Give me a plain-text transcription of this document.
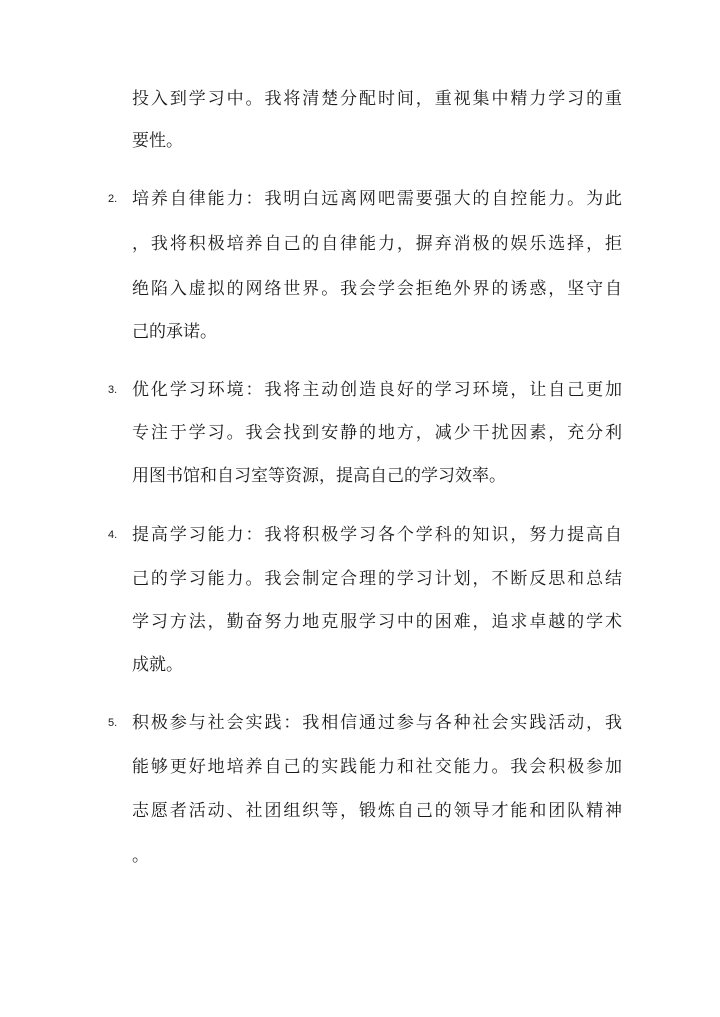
投入到学习中。我将清楚分配时间，重视集中精力学习的重
要性。
2. 培养自律能力：我明白远离网吧需要强大的自控能力。为此
，我将积极培养自己的自律能力，摒弃消极的娱乐选择，拒
绝陷入虚拟的网络世界。我会学会拒绝外界的诱惑，坚守自
己的承诺。
3. 优化学习环境：我将主动创造良好的学习环境，让自己更加
专注于学习。我会找到安静的地方，减少干扰因素，充分利
用图书馆和自习室等资源，提高自己的学习效率。
4. 提高学习能力：我将积极学习各个学科的知识，努力提高自
己的学习能力。我会制定合理的学习计划，不断反思和总结
学习方法，勤奋努力地克服学习中的困难，追求卓越的学术
成就。
5. 积极参与社会实践：我相信通过参与各种社会实践活动，我
能够更好地培养自己的实践能力和社交能力。我会积极参加
志愿者活动、社团组织等，锻炼自己的领导才能和团队精神
。
